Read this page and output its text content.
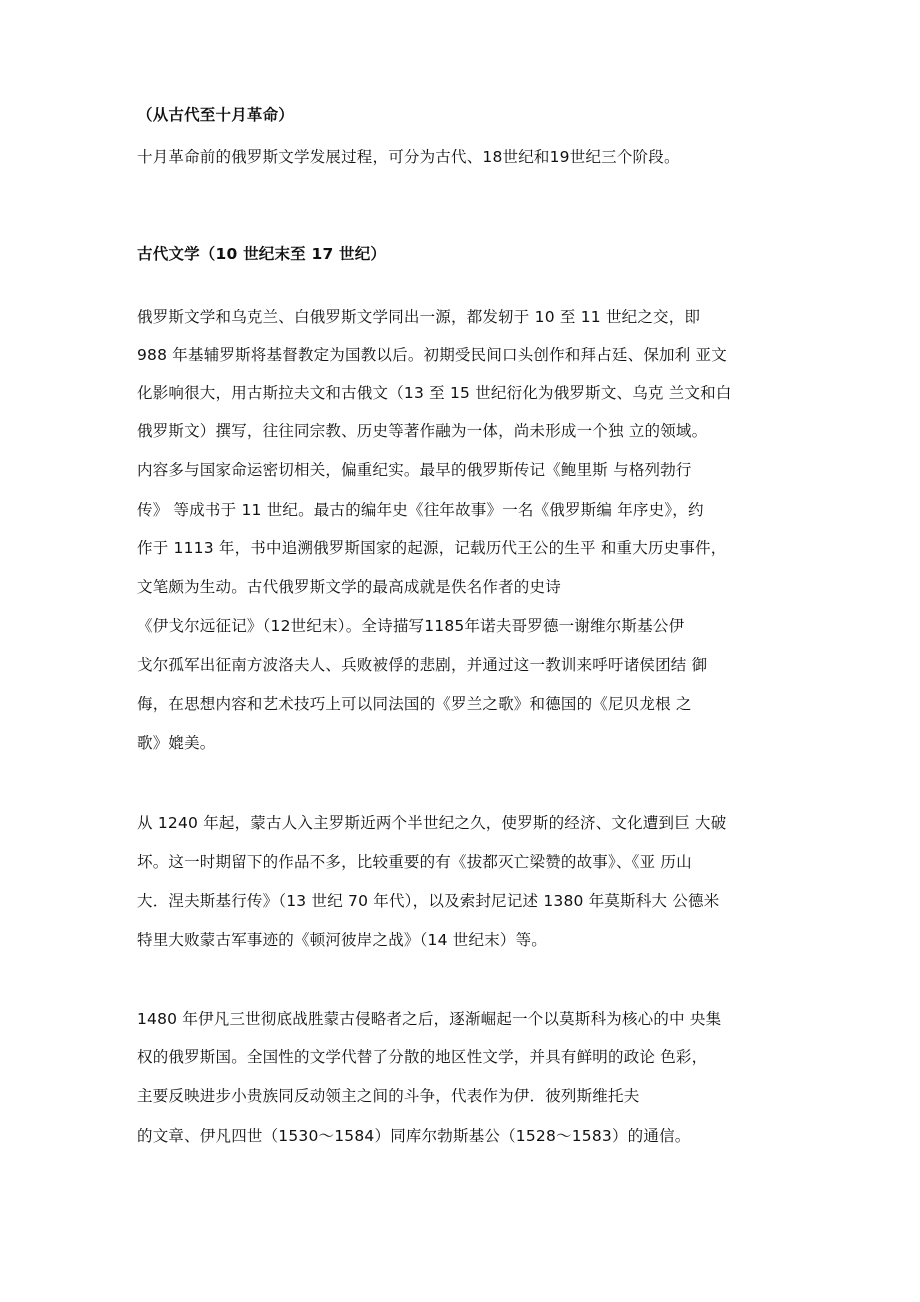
（从古代至十月革命）
十月革命前的俄罗斯文学发展过程，可分为古代、18世纪和19世纪三个阶段。
古代文学（10 世纪末至 17 世纪）
俄罗斯文学和乌克兰、白俄罗斯文学同出一源，都发轫于 10 至 11 世纪之交，即
988 年基辅罗斯将基督教定为国教以后。初期受民间口头创作和拜占廷、保加利 亚文
化影响很大，用古斯拉夫文和古俄文（13 至 15 世纪衍化为俄罗斯文、乌克 兰文和白
俄罗斯文）撰写，往往同宗教、历史等著作融为一体，尚未形成一个独 立的领域。
内容多与国家命运密切相关，偏重纪实。最早的俄罗斯传记《鲍里斯 与格列勃行
传》 等成书于 11 世纪。最古的编年史《往年故事》一名《俄罗斯编 年序史》，约
作于 1113 年，书中追溯俄罗斯国家的起源，记载历代王公的生平 和重大历史事件，
文笔颇为生动。古代俄罗斯文学的最高成就是佚名作者的史诗
《伊戈尔远征记》（12世纪末）。全诗描写1185年诺夫哥罗德一谢维尔斯基公伊
戈尔孤军出征南方波洛夫人、兵败被俘的悲剧，并通过这一教训来呼吁诸侯团结 御
侮，在思想内容和艺术技巧上可以同法国的《罗兰之歌》和德国的《尼贝龙根 之
歌》媲美。
从 1240 年起，蒙古人入主罗斯近两个半世纪之久，使罗斯的经济、文化遭到巨 大破
坏。这一时期留下的作品不多，比较重要的有《拔都灭亡梁赞的故事》、《亚 历山
大．涅夫斯基行传》（13 世纪 70 年代），以及索封尼记述 1380 年莫斯科大 公德米
特里大败蒙古军事迹的《顿河彼岸之战》（14 世纪末）等。
1480 年伊凡三世彻底战胜蒙古侵略者之后，逐渐崛起一个以莫斯科为核心的中 央集
权的俄罗斯国。全国性的文学代替了分散的地区性文学，并具有鲜明的政论 色彩，
主要反映进步小贵族同反动领主之间的斗争，代表作为伊．彼列斯维托夫
的文章、伊凡四世（1530〜1584）同库尔勃斯基公（1528〜1583）的通信。
